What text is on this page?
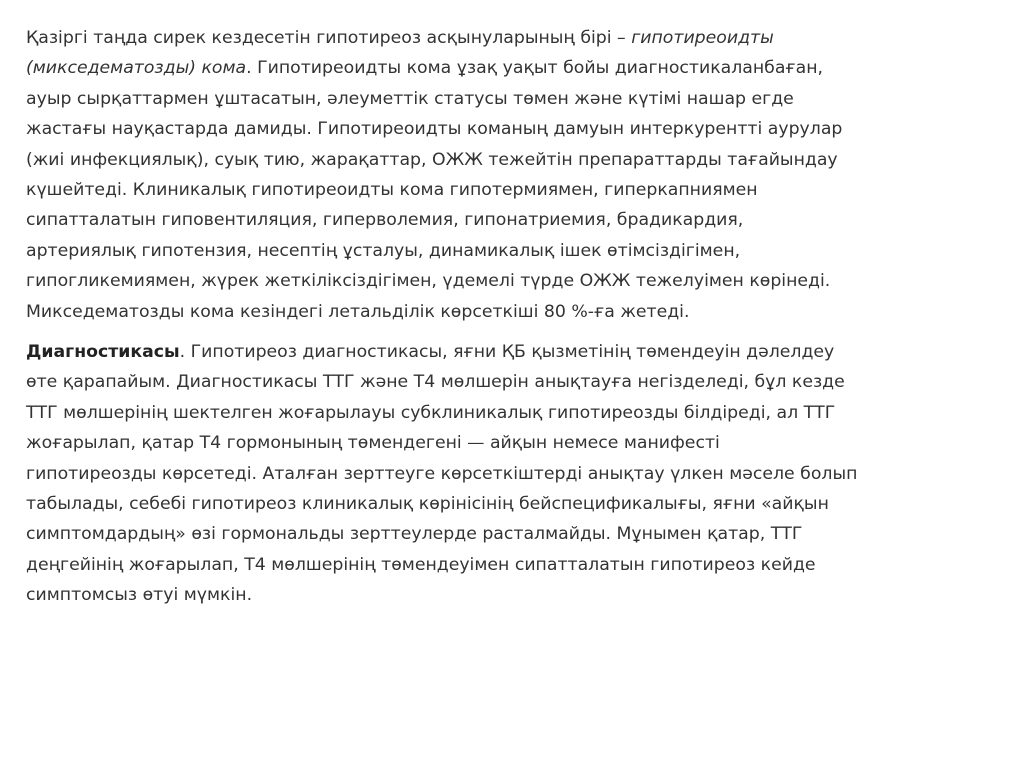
Қазіргі таңда сирек кездесетін гипотиреоз асқынуларының бірі – гипотиреоидты
(микседематозды) кома. Гипотиреоидты кома ұзақ уақыт бойы диагностикаланбаған,
ауыр сырқаттармен ұштасатын, әлеуметтік статусы төмен және күтімі нашар егде
жастағы науқастарда дамиды. Гипотиреоидты команың дамуын интеркурентті аурулар
(жиі инфекциялық), суық тию, жарақаттар, ОЖЖ тежейтін препараттарды тағайындау
күшейтеді. Клиникалық гипотиреоидты кома гипотермиямен, гиперкапниямен
сипатталатын гиповентиляция, гиперволемия, гипонатриемия, брадикардия,
артериялық гипотензия, несептің ұсталуы, динамикалық ішек өтімсіздігімен,
гипогликемиямен, жүрек жеткіліксіздігімен, үдемелі түрде ОЖЖ тежелуімен көрінеді.
Микседематозды кома кезіндегі летальділік көрсеткіші 80 %-ға жетеді.
Диагностикасы. Гипотиреоз диагностикасы, яғни ҚБ қызметінің төмендеуін дәлелдеу
өте қарапайым. Диагностикасы ТТГ және Т4 мөлшерін анықтауға негізделеді, бұл кезде
ТТГ мөлшерінің шектелген жоғарылауы субклиникалық гипотиреозды білдіреді, ал ТТГ
жоғарылап, қатар Т4 гормонының төмендегені — айқын немесе манифесті
гипотиреозды көрсетеді. Аталған зерттеуге көрсеткіштерді анықтау үлкен мәселе болып
табылады, себебі гипотиреоз клиникалық көрінісінің бейспецификалығы, яғни «айқын
симптомдардың» өзі гормональды зерттеулерде расталмайды. Мұнымен қатар, ТТГ
деңгейінің жоғарылап, Т4 мөлшерінің төмендеуімен сипатталатын гипотиреоз кейде
симптомсыз өтуі мүмкін.
